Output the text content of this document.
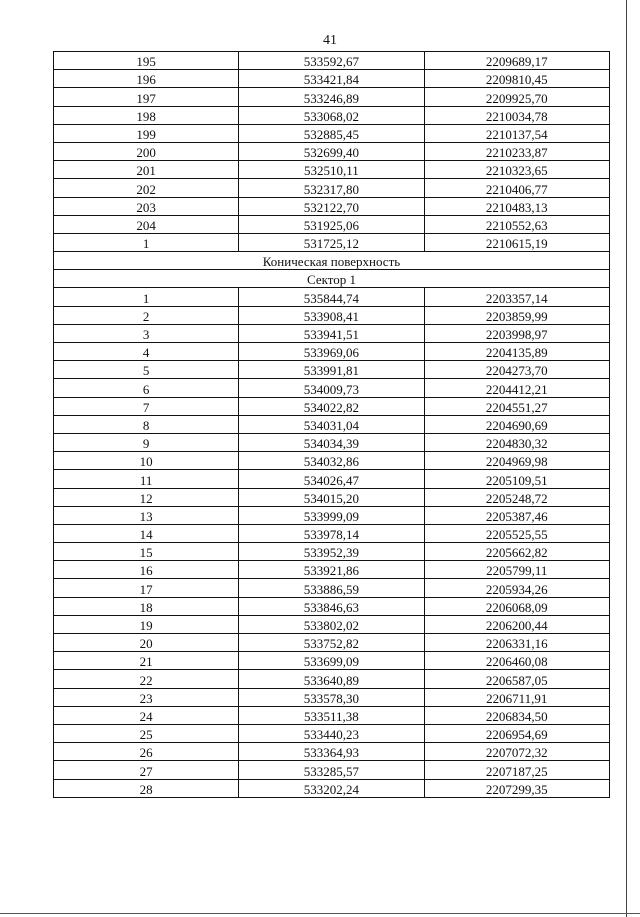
41
195	533592,67	2209689,17
196	533421,84	2209810,45
197	533246,89	2209925,70
198	533068,02	2210034,78
199	532885,45	2210137,54
200	532699,40	2210233,87
201	532510,11	2210323,65
202	532317,80	2210406,77
203	532122,70	2210483,13
204	531925,06	2210552,63
1	531725,12	2210615,19
Коническая поверхность		
Сектор 1		
1	535844,74	2203357,14
2	533908,41	2203859,99
3	533941,51	2203998,97
4	533969,06	2204135,89
5	533991,81	2204273,70
6	534009,73	2204412,21
7	534022,82	2204551,27
8	534031,04	2204690,69
9	534034,39	2204830,32
10	534032,86	2204969,98
11	534026,47	2205109,51
12	534015,20	2205248,72
13	533999,09	2205387,46
14	533978,14	2205525,55
15	533952,39	2205662,82
16	533921,86	2205799,11
17	533886,59	2205934,26
18	533846,63	2206068,09
19	533802,02	2206200,44
20	533752,82	2206331,16
21	533699,09	2206460,08
22	533640,89	2206587,05
23	533578,30	2206711,91
24	533511,38	2206834,50
25	533440,23	2206954,69
26	533364,93	2207072,32
27	533285,57	2207187,25
28	533202,24	2207299,35
